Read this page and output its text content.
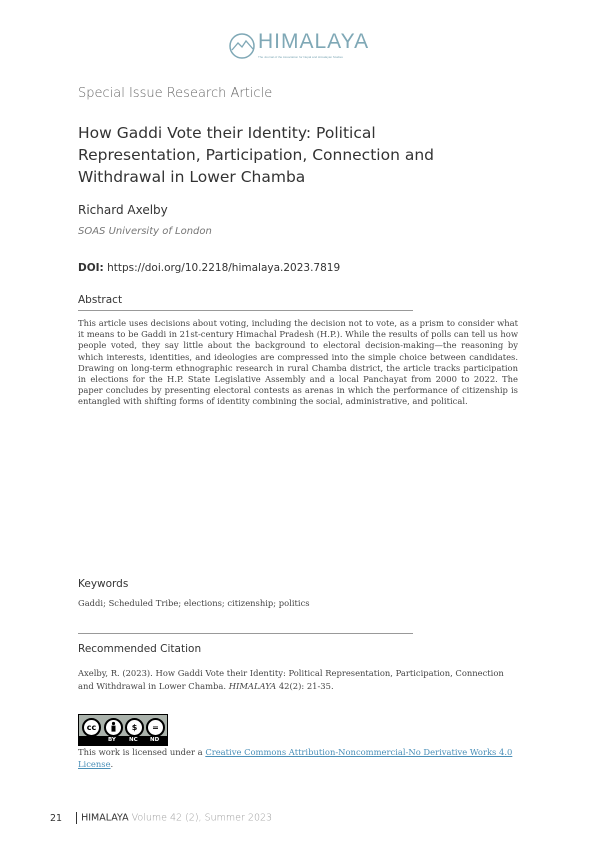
HIMALAYA
The Journal of the Association for Nepal and Himalayan Studies
Special Issue Research Article
How Gaddi Vote their Identity: Political Representation, Participation, Connection and Withdrawal in Lower Chamba
Richard Axelby
SOAS University of London
DOI: https://doi.org/10.2218/himalaya.2023.7819
Abstract
This article uses decisions about voting, including the decision not to vote, as a prism to consider what it means to be Gaddi in 21st-century Himachal Pradesh (H.P.). While the results of polls can tell us how people voted, they say little about the background to electoral decision-making—the reasoning by which interests, identities, and ideologies are compressed into the simple choice between candidates. Drawing on long-term ethnographic research in rural Chamba district, the article tracks participation in elections for the H.P. State Legislative Assembly and a local Panchayat from 2000 to 2022. The paper concludes by presenting electoral contests as arenas in which the performance of citizenship is entangled with shifting forms of identity combining the social, administrative, and political.
Keywords
Gaddi; Scheduled Tribe; elections; citizenship; politics
Recommended Citation
Axelby, R. (2023). How Gaddi Vote their Identity: Political Representation, Participation, Connection and Withdrawal in Lower Chamba. HIMALAYA 42(2): 21-35.
cc	$	=
BY NC ND
This work is licensed under a Creative Commons Attribution-Noncommercial-No Derivative Works 4.0 License.
21 HIMALAYA Volume 42 (2), Summer 2023
